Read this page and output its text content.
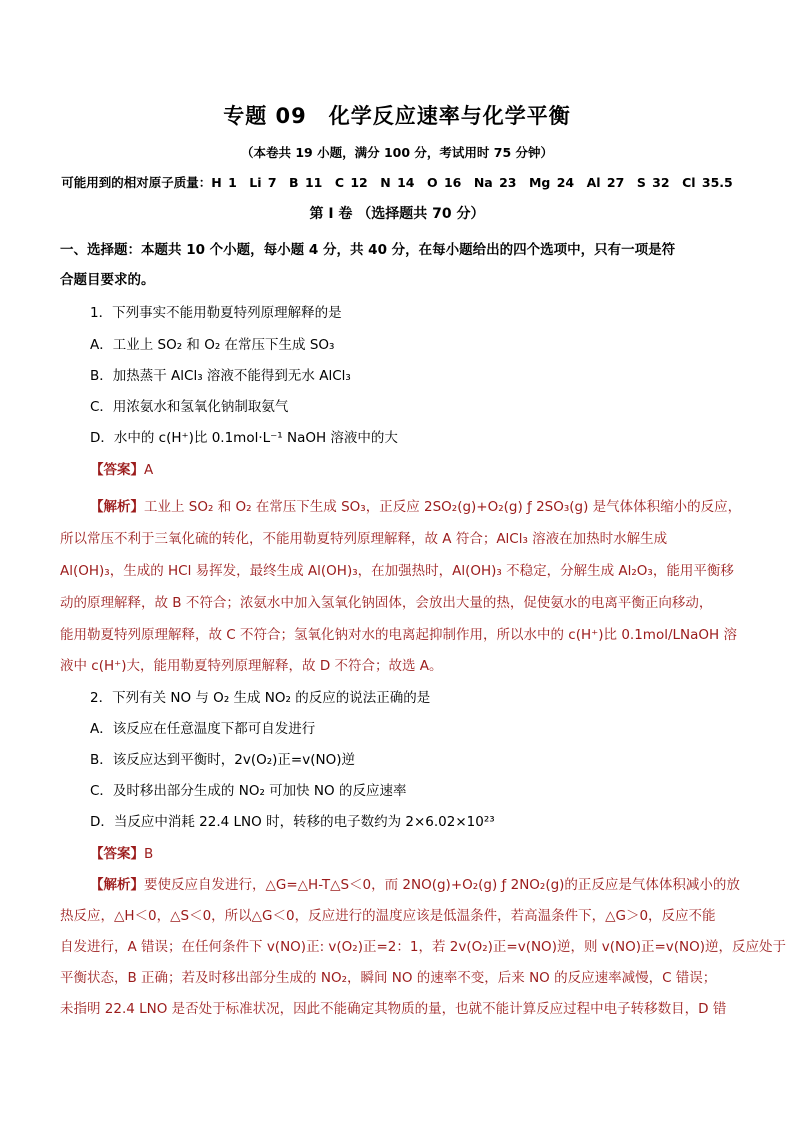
专题 09　化学反应速率与化学平衡
（本卷共 19 小题，满分 100 分，考试用时 75 分钟）
可能用到的相对原子质量：H 1　Li 7　B 11　C 12　N 14　O 16　Na 23　Mg 24　Al 27　S 32　Cl 35.5
第 I 卷 （选择题共 70 分）
一、选择题：本题共 10 个小题，每小题 4 分，共 40 分，在每小题给出的四个选项中，只有一项是符
合题目要求的。
1．下列事实不能用勒夏特列原理解释的是
A．工业上 SO₂ 和 O₂ 在常压下生成 SO₃
B．加热蒸干 AlCl₃ 溶液不能得到无水 AlCl₃
C．用浓氨水和氢氧化钠制取氨气
D．水中的 c(H⁺)比 0.1mol·L⁻¹ NaOH 溶液中的大
【答案】A
【解析】工业上 SO₂ 和 O₂ 在常压下生成 SO₃，正反应 2SO₂(g)+O₂(g) ƒ 2SO₃(g) 是气体体积缩小的反应，
所以常压不利于三氧化硫的转化，不能用勒夏特列原理解释，故 A 符合；AlCl₃ 溶液在加热时水解生成
Al(OH)₃，生成的 HCl 易挥发，最终生成 Al(OH)₃，在加强热时，Al(OH)₃ 不稳定，分解生成 Al₂O₃，能用平衡移
动的原理解释，故 B 不符合；浓氨水中加入氢氧化钠固体，会放出大量的热，促使氨水的电离平衡正向移动，
能用勒夏特列原理解释，故 C 不符合；氢氧化钠对水的电离起抑制作用，所以水中的 c(H⁺)比 0.1mol/LNaOH 溶
液中 c(H⁺)大，能用勒夏特列原理解释，故 D 不符合；故选 A。
2．下列有关 NO 与 O₂ 生成 NO₂ 的反应的说法正确的是
A．该反应在任意温度下都可自发进行
B．该反应达到平衡时，2v(O₂)正=v(NO)逆
C．及时移出部分生成的 NO₂ 可加快 NO 的反应速率
D．当反应中消耗 22.4 LNO 时，转移的电子数约为 2×6.02×10²³
【答案】B
【解析】要使反应自发进行，△G=△H-T△S＜0，而 2NO(g)+O₂(g) ƒ 2NO₂(g)的正反应是气体体积减小的放
热反应，△H＜0，△S＜0，所以△G＜0，反应进行的温度应该是低温条件，若高温条件下，△G＞0，反应不能
自发进行，A 错误；在任何条件下 v(NO)正: v(O₂)正=2：1，若 2v(O₂)正=v(NO)逆，则 v(NO)正=v(NO)逆，反应处于
平衡状态，B 正确；若及时移出部分生成的 NO₂，瞬间 NO 的速率不变，后来 NO 的反应速率减慢，C 错误；
未指明 22.4 LNO 是否处于标准状况，因此不能确定其物质的量，也就不能计算反应过程中电子转移数目，D 错
